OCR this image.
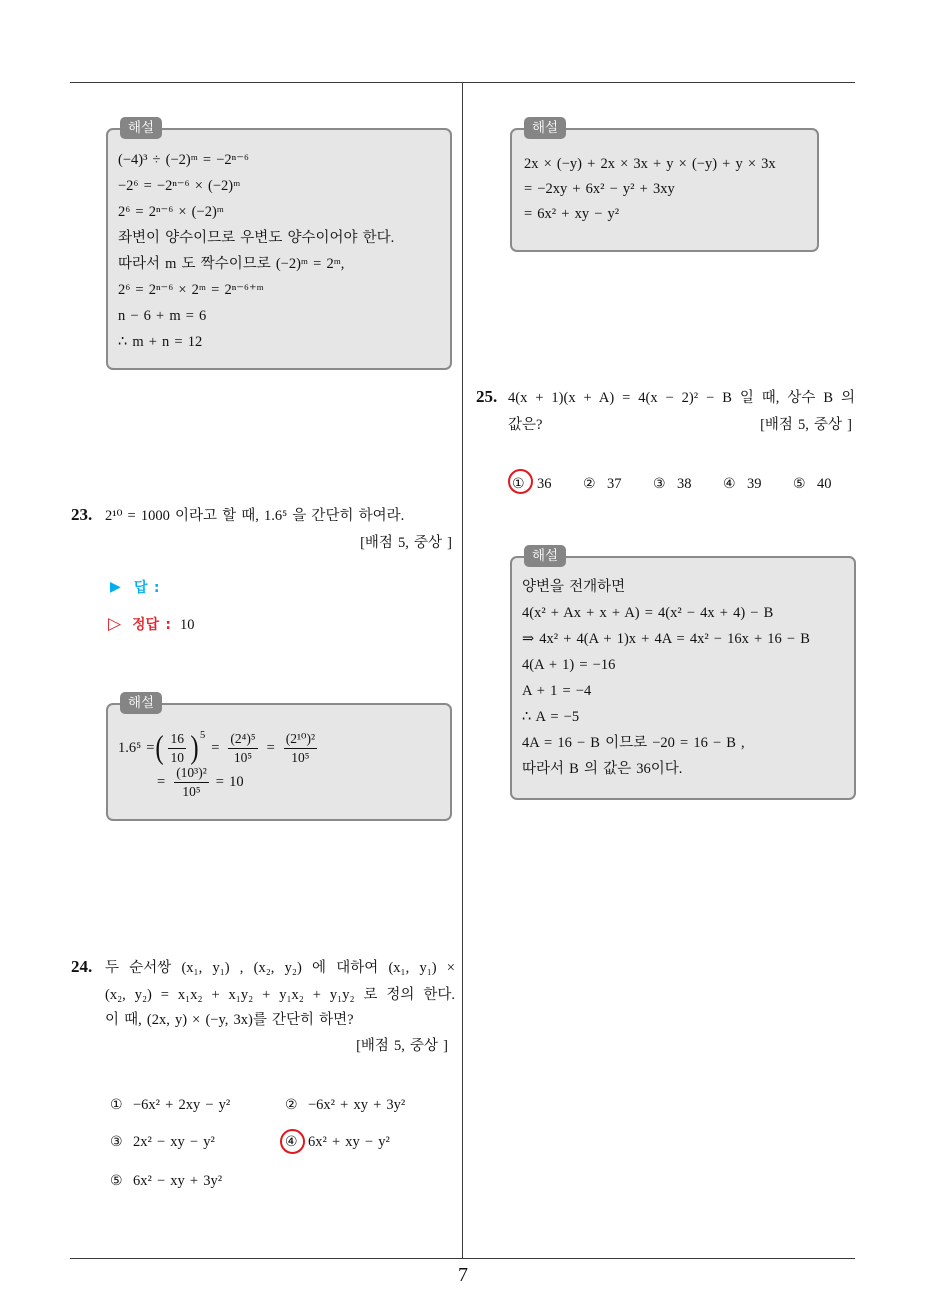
해설
(−4)³ ÷ (−2)ᵐ = −2ⁿ⁻⁶
−2⁶ = −2ⁿ⁻⁶ × (−2)ᵐ
2⁶ = 2ⁿ⁻⁶ × (−2)ᵐ
좌변이 양수이므로 우변도 양수이어야 한다.
따라서 m 도 짝수이므로 (−2)ᵐ = 2ᵐ,
2⁶ = 2ⁿ⁻⁶ × 2ᵐ = 2ⁿ⁻⁶⁺ᵐ
n − 6 + m = 6
∴ m + n = 12
23. 2¹⁰ = 1000 이라고 할 때, 1.6⁵ 을 간단히 하여라.
[배점 5, 중상 ]
▶ 답 :
▷ 정답 : 10
해설
1.6⁵ = ( $\frac{16}{10}$ ) 5
= $\frac{\text{(2⁴)⁵}}{\text{10⁵}} = \frac{\text{(2¹⁰)²}}{\text{10⁵}}$
= $\frac{\text{(10³)²}}{\text{10⁵}} = 10$
24. 두 순서쌍 (x₁, y₁) , (x₂, y₂) 에 대하여 (x₁, y₁) ×
(x₂, y₂) = x₁x₂ + x₁y₂ + y₁x₂ + y₁y₂ 로 정의 한다.
이 때, (2x, y) × (−y, 3x)를 간단히 하면?
[배점 5, 중상 ]
① −6x² + 2xy − y²	② −6x² + xy + 3y²
③ 2x² − xy − y²	④ 6x² + xy − y²
⑤ 6x² − xy + 3y²
해설
2x × (−y) + 2x × 3x + y × (−y) + y × 3x
= −2xy + 6x² − y² + 3xy
= 6x² + xy − y²
25. 4(x + 1)(x + A) = 4(x − 2)² − B 일 때, 상수 B 의
값은?	[배점 5, 중상 ]
① 36 ② 37 ③ 38 ④ 39 ⑤ 40
해설
양변을 전개하면
4(x² + Ax + x + A) = 4(x² − 4x + 4) − B
⇒ 4x² + 4(A + 1)x + 4A = 4x² − 16x + 16 − B
4(A + 1) = −16
A + 1 = −4
∴ A = −5
4A = 16 − B 이므로 −20 = 16 − B ,
따라서 B 의 값은 36이다.
7
